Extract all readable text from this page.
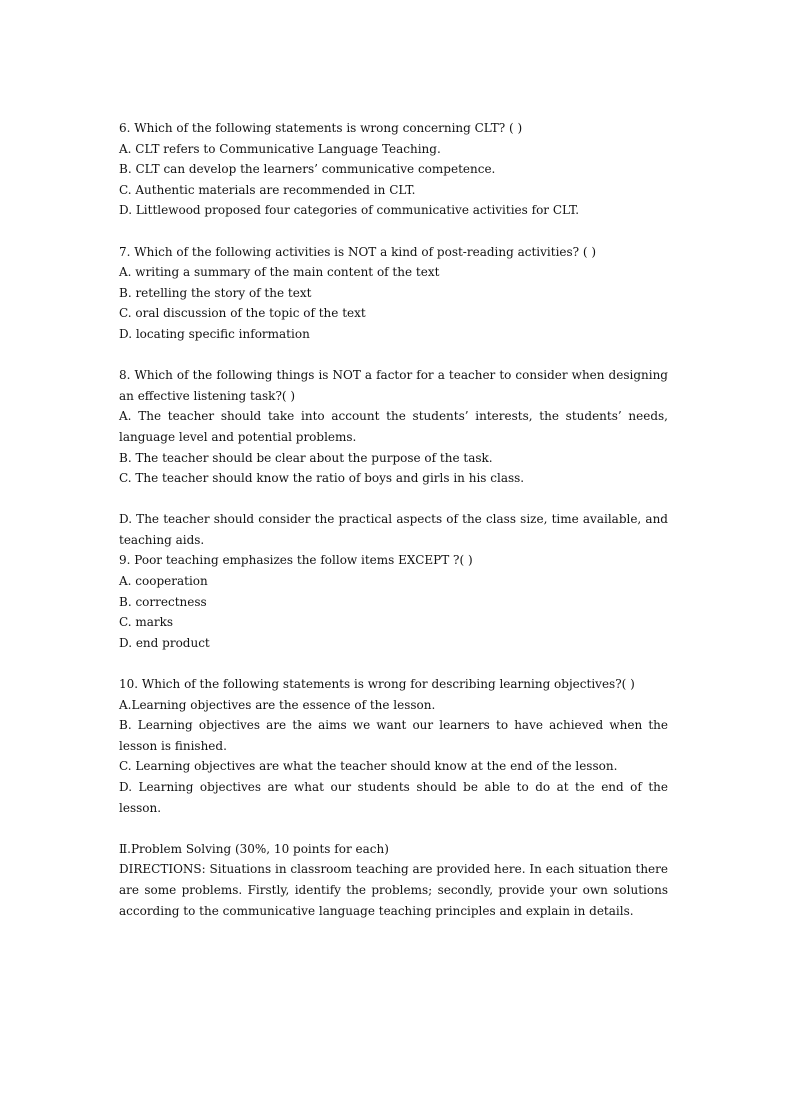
6. Which of the following statements is wrong concerning CLT? ( )
A. CLT refers to Communicative Language Teaching.
B. CLT can develop the learners’ communicative competence.
C. Authentic materials are recommended in CLT.
D. Littlewood proposed four categories of communicative activities for CLT.
7. Which of the following activities is NOT a kind of post-reading activities? ( )
A. writing a summary of the main content of the text
B. retelling the story of the text
C. oral discussion of the topic of the text
D. locating specific information
8. Which of the following things is NOT a factor for a teacher to consider when designing an effective listening task?( )
A. The teacher should take into account the students’ interests, the students’ needs, language level and potential problems.
B. The teacher should be clear about the purpose of the task.
C. The teacher should know the ratio of boys and girls in his class.
D. The teacher should consider the practical aspects of the class size, time available, and teaching aids.
9. Poor teaching emphasizes the follow items EXCEPT ?( )
A. cooperation
B. correctness
C. marks
D. end product
10. Which of the following statements is wrong for describing learning objectives?( )
A.Learning objectives are the essence of the lesson.
B. Learning objectives are the aims we want our learners to have achieved when the lesson is finished.
C. Learning objectives are what the teacher should know at the end of the lesson.
D. Learning objectives are what our students should be able to do at the end of the lesson.
Ⅱ.Problem Solving (30%, 10 points for each)
DIRECTIONS: Situations in classroom teaching are provided here. In each situation there are some problems. Firstly, identify the problems; secondly, provide your own solutions according to the communicative language teaching principles and explain in details.
